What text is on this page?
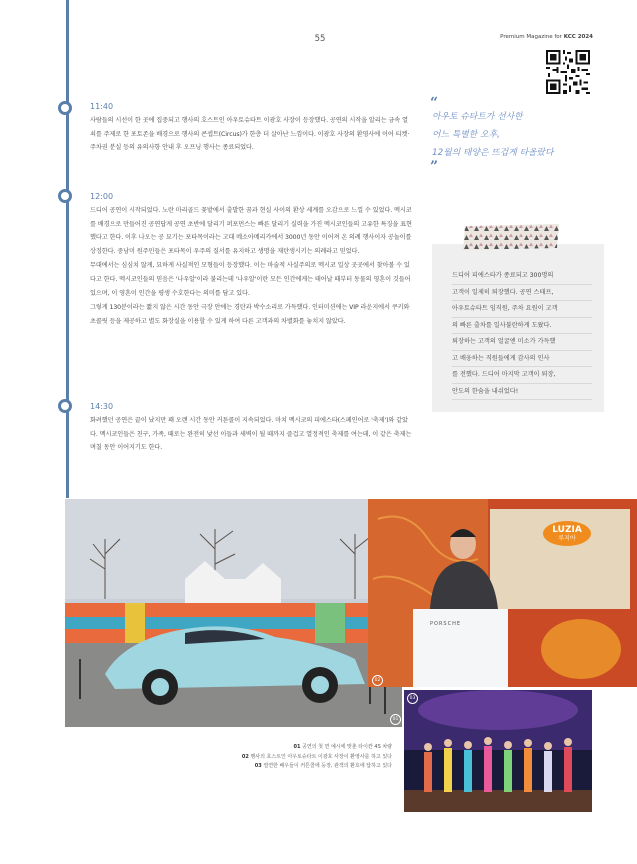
55	Premium Magazine for KCC 2024
11:40

사람들의 시선이 한 곳에 집중되고 행사의 호스트인 아우토슈타트 이광호 사장이 등장했다. 공연의 시작을 알리는 금속 열쇠를 주제로 한 포토존을 배경으로 행사의 콘셉트(Circus)가 한층 더 살아난 느낌이다. 이광호 사장의 환영사에 이어 티켓·주차권 분실 등의 유의사항 안내 후 오프닝 행사는 종료되었다.

12:00

드디어 공연이 시작되었다. 노란 마리골드 꽃밭에서 출발한 꿈과 현실 사이의 환상 세계를 오감으로 느낄 수 있었다. 멕시코를 배경으로 만들어진 공연답게 공연 초반에 달리기 퍼포먼스는 빠른 달리기 실력을 가진 멕시코인들의 고유한 특징을 표현했다고 한다. 이후 나오는 공 묘기는 포타목이라는 고대 메소아메리카에서 3000년 동안 이어져 온 의례 행사이자 공놀이를 상징한다. 중남미 원주민들은 포타목이 우주의 질서를 유지하고 생명을 재탄생시키는 의례라고 믿었다.

무대에서는 심심치 않게, 묘하게 사실적인 모형들이 등장했다. 이는 마술적 사실주의로 멕시코 일상 곳곳에서 찾아볼 수 있다고 한다. 멕시코인들의 믿음은 '나우알'이라 불리는데 '나우알'이란 모든 인간에게는 태어날 때부터 동물의 영혼이 깃들어 있으며, 이 영혼이 인간을 평생 수호한다는 의미를 담고 있다.

그렇게 130분이라는 짧지 않은 시간 동안 극장 안에는 경탄과 박수소리로 가득했다. 인터미션에는 VIP 라운지에서 쿠키와 초콜릿 등을 제공하고 별도 화장실을 이용할 수 있게 하여 다른 고객과의 차별화를 놓치지 않았다.

14:30

화려했던 공연은 끝이 났지만 꽤 오랜 시간 동안 커튼콜이 지속되었다. 마치 멕시코의 피에스타(스페인어로 '축제')와 같았다. 멕시코인들은 친구, 가족, 때로는 완전히 낯선 이들과 새벽이 될 때까지 즐겁고 열정적인 축제를 여는데, 이 같은 축제는 며칠 동안 이어지기도 한다.

“
아우토 슈타트가 선사한
어느 특별한 오후,
12월의 태양은 뜨겁게 타올랐다
”
드디어 피에스타가 종료되고 300명의
고객이 일제히 퇴장했다. 공연 스태프,
아우토슈타트 임직원, 주차 요원이 고객
의 빠른 출차를 일사불란하게 도왔다.
퇴장하는 고객의 얼굴엔 미소가 가득했
고 배웅하는 직원들에게 감사의 인사
를 전했다. 드디어 마지막 고객이 퇴장,
안도의 한숨을 내쉬었다!
01
PORSCHE
LUZIA
루지아
02
03
01 공연의 첫 면 예시에 맞춘 타이칸 4S 차량
02 행사의 호스트인 아우토슈타트 이광호 사장이 환영사를 하고 있다
03 열연한 배우들이 커튼콜에 등장, 관객의 환호에 답하고 있다
